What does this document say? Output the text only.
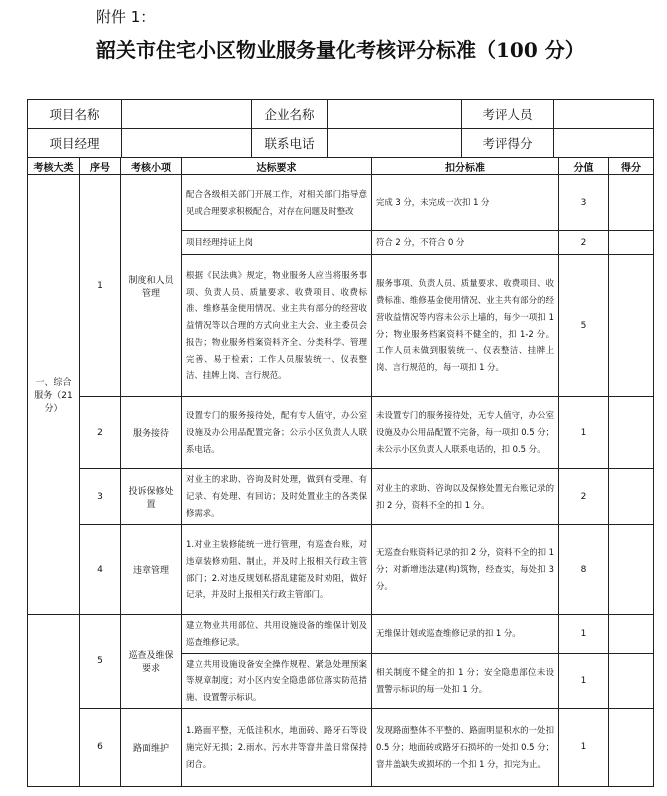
附件 1：
韶关市住宅小区物业服务量化考核评分标准（100 分）
项目名称		企业名称		考评人员	
项目经理		联系电话		考评得分	
考核大类	序号	考核小项	达标要求	扣分标准	分值	得分
一、综合服务（21分）	1	制度和人员管理	配合各级相关部门开展工作，对相关部门指导意见或合理要求积极配合，对存在问题及时整改	完成 3 分，未完成一次扣 1 分	3	
			项目经理持证上岗	符合 2 分，不符合 0 分	2	
			根据《民法典》规定，物业服务人应当将服务事项、负责人员、质量要求、收费项目、收费标准、维修基金使用情况、业主共有部分的经营收益情况等以合理的方式向业主大会、业主委员会报告；物业服务档案资料齐全、分类科学、管理完善、易于检索；工作人员服装统一、仪表整洁、挂牌上岗、言行规范。	服务事项、负责人员、质量要求、收费项目、收费标准、维修基金使用情况、业主共有部分的经营收益情况等内容未公示上墙的，每少一项扣 1 分；物业服务档案资料不健全的，扣 1-2 分。工作人员未做到服装统一、仪表整洁、挂牌上岗、言行规范的，每一项扣 1 分。	5	
	2	服务接待	设置专门的服务接待处，配有专人值守，办公室设施及办公用品配置完备；公示小区负责人人联系电话。	未设置专门的服务接待处，无专人值守，办公室设施及办公用品配置不完备，每一项扣 0.5 分；未公示小区负责人人联系电话的，扣 0.5 分。	1	
	3	投诉保修处置	对业主的求助、咨询及时处理，做到有受理、有记录、有处理、有回访；及时处置业主的各类保修需求。	对业主的求助、咨询以及保修处置无台账记录的扣 2 分，资料不全的扣 1 分。	2	
	4	违章管理	1.对业主装修能统一进行管理，有巡查台账，对违章装修劝阻、制止，并及时上报相关行政主管部门；2.对违反规划私搭乱建能及时劝阻，做好记录，并及时上报相关行政主管部门。	无巡查台账资料记录的扣 2 分，资料不全的扣 1 分；对新增违法建(构)筑物，经查实，每处扣 3 分。	8	
	5	巡查及维保要求	建立物业共用部位、共用设施设备的维保计划及巡查维修记录。	无维保计划或巡查维修记录的扣 1 分。	1	
			建立共用设施设备安全操作规程、紧急处理预案等规章制度；对小区内安全隐患部位落实防范措施、设置警示标识。	相关制度不健全的扣 1 分；安全隐患部位未设置警示标识的每一处扣 1 分。	1	
	6	路面维护	1.路面平整，无低洼积水，地面砖、路牙石等设施完好无损；2.雨水、污水井等窨井盖日常保持闭合。	发现路面整体不平整的、路面明显积水的一处扣 0.5 分；地面砖或路牙石损坏的一处扣 0.5 分；窨井盖缺失或损坏的一个扣 1 分，扣完为止。	1	
